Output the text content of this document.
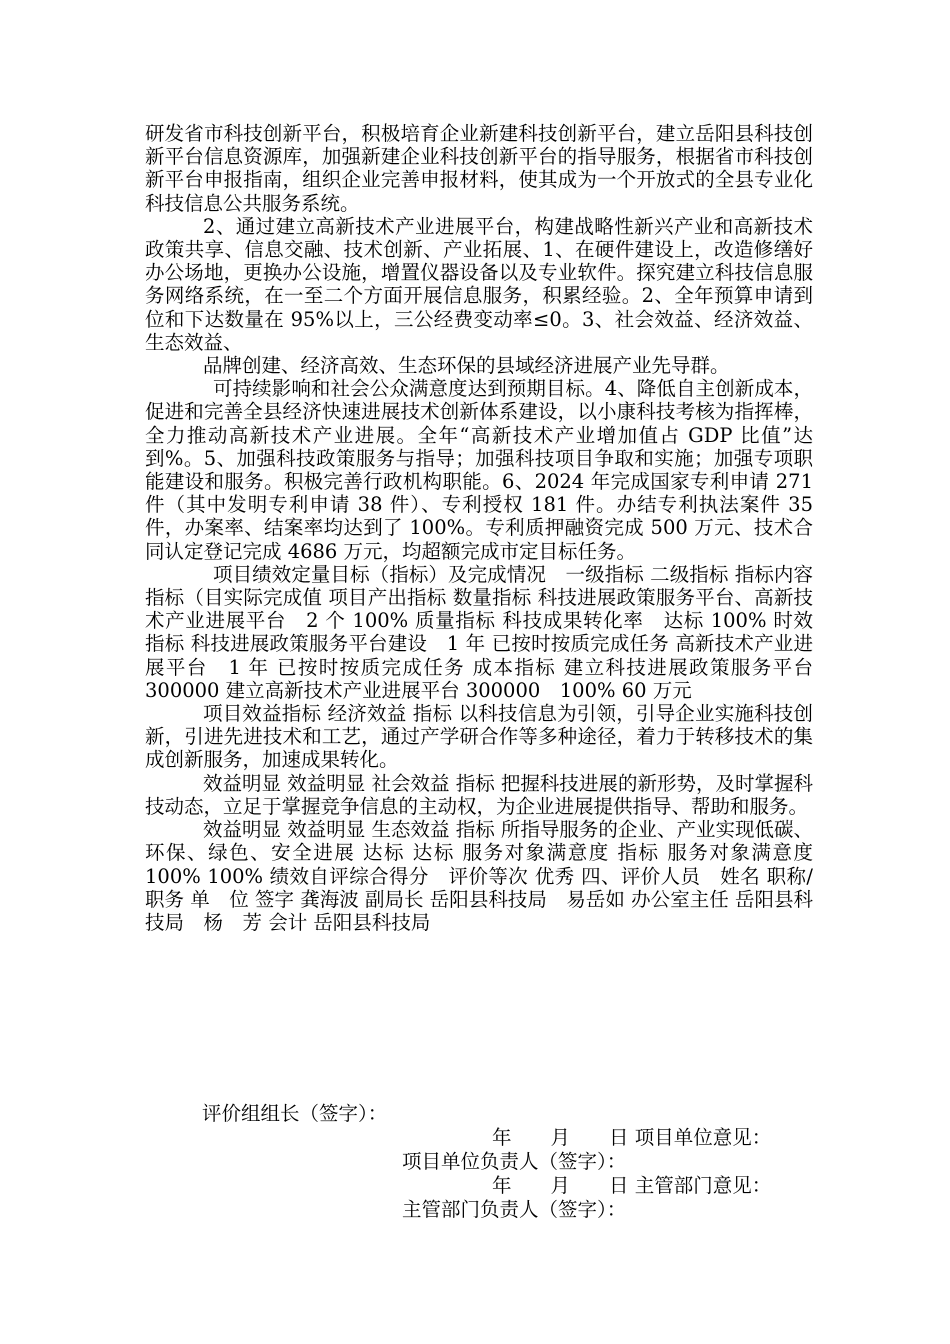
研发省市科技创新平台，积极培育企业新建科技创新平台，建立岳阳县科技创新平台信息资源库，加强新建企业科技创新平台的指导服务，根据省市科技创新平台申报指南，组织企业完善申报材料，使其成为一个开放式的全县专业化科技信息公共服务系统。

2、通过建立高新技术产业进展平台，构建战略性新兴产业和高新技术政策共享、信息交融、技术创新、产业拓展、1、在硬件建设上，改造修缮好办公场地，更换办公设施，增置仪器设备以及专业软件。探究建立科技信息服务网络系统，在一至二个方面开展信息服务，积累经验。2、全年预算申请到位和下达数量在 95%以上，三公经费变动率≤0。3、社会效益、经济效益、生态效益、

品牌创建、经济高效、生态环保的县域经济进展产业先导群。

可持续影响和社会公众满意度达到预期目标。4、降低自主创新成本，促进和完善全县经济快速进展技术创新体系建设，以小康科技考核为指挥棒，全力推动高新技术产业进展。全年“高新技术产业增加值占 GDP 比值”达到%。5、加强科技政策服务与指导；加强科技项目争取和实施；加强专项职能建设和服务。积极完善行政机构职能。6、2024 年完成国家专利申请 271 件（其中发明专利申请 38 件）、专利授权 181 件。办结专利执法案件 35 件，办案率、结案率均达到了 100%。专利质押融资完成 500 万元、技术合同认定登记完成 4686 万元，均超额完成市定目标任务。

项目绩效定量目标（指标）及完成情况　一级指标 二级指标 指标内容 指标（目实际完成值 项目产出指标 数量指标 科技进展政策服务平台、高新技术产业进展平台　2 个 100% 质量指标 科技成果转化率　达标 100% 时效指标 科技进展政策服务平台建设　1 年 已按时按质完成任务 高新技术产业进展平台　1 年 已按时按质完成任务 成本指标 建立科技进展政策服务平台 300000 建立高新技术产业进展平台 300000　100% 60 万元

项目效益指标 经济效益 指标 以科技信息为引领，引导企业实施科技创新，引进先进技术和工艺，通过产学研合作等多种途径，着力于转移技术的集成创新服务，加速成果转化。

效益明显 效益明显 社会效益 指标 把握科技进展的新形势，及时掌握科技动态，立足于掌握竞争信息的主动权，为企业进展提供指导、帮助和服务。

效益明显 效益明显 生态效益 指标 所指导服务的企业、产业实现低碳、环保、绿色、安全进展 达标 达标 服务对象满意度 指标 服务对象满意度 100% 100% 绩效自评综合得分　评价等次 优秀 四、评价人员　姓名 职称/职务 单　位 签字 龚海波 副局长 岳阳县科技局　易岳如 办公室主任 岳阳县科技局　杨　芳 会计 岳阳县科技局

评价组组长（签字）：
年　　月　　日 项目单位意见：
项目单位负责人（签字）：
年　　月　　日 主管部门意见：
主管部门负责人（签字）：
